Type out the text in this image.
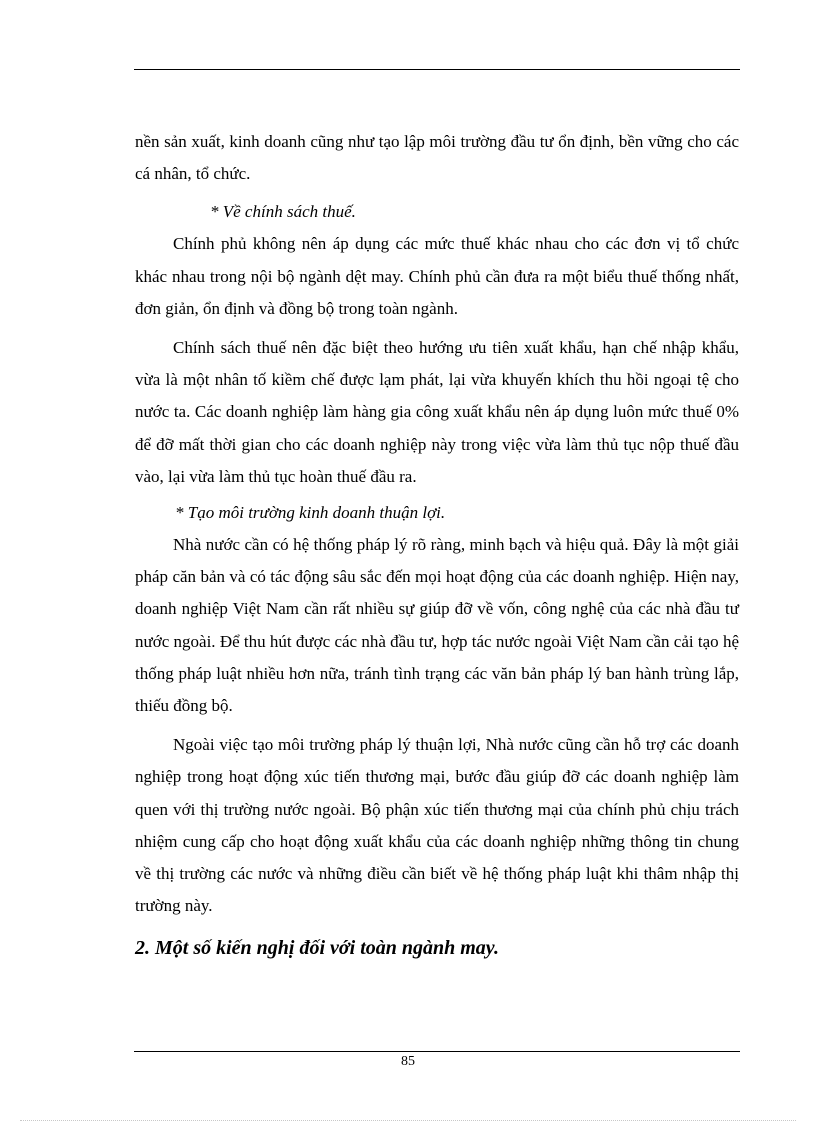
nền sản xuất, kinh doanh cũng như tạo lập môi trường đầu tư ổn định, bền vững cho các cá nhân, tổ chức.

* Về chính sách thuế.

Chính phủ không nên áp dụng các mức thuế khác nhau cho các đơn vị tổ chức khác nhau trong nội bộ ngành dệt may. Chính phủ cần đưa ra một biểu thuế thống nhất, đơn giản, ổn định và đồng bộ trong toàn ngành.

Chính sách thuế nên đặc biệt theo hướng ưu tiên xuất khẩu, hạn chế nhập khẩu, vừa là một nhân tố kiềm chế được lạm phát, lại vừa khuyến khích thu hồi ngoại tệ cho nước ta. Các doanh nghiệp làm hàng gia công xuất khẩu nên áp dụng luôn mức thuế 0% để đỡ mất thời gian cho các doanh nghiệp này trong việc vừa làm thủ tục nộp thuế đầu vào, lại vừa làm thủ tục hoàn thuế đầu ra.

* Tạo môi trường kinh doanh thuận lợi.

Nhà nước cần có hệ thống pháp lý rõ ràng, minh bạch và hiệu quả. Đây là một giải pháp căn bản và có tác động sâu sắc đến mọi hoạt động của các doanh nghiệp. Hiện nay, doanh nghiệp Việt Nam cần rất nhiều sự giúp đỡ về vốn, công nghệ của các nhà đầu tư nước ngoài. Để thu hút được các nhà đầu tư, hợp tác nước ngoài Việt Nam cần cải tạo hệ thống pháp luật nhiều hơn nữa, tránh tình trạng các văn bản pháp lý ban hành trùng lắp, thiếu đồng bộ.

Ngoài việc tạo môi trường pháp lý thuận lợi, Nhà nước cũng cần hỗ trợ các doanh nghiệp trong hoạt động xúc tiến thương mại, bước đầu giúp đỡ các doanh nghiệp làm quen với thị trường nước ngoài. Bộ phận xúc tiến thương mại của chính phủ chịu trách nhiệm cung cấp cho hoạt động xuất khẩu của các doanh nghiệp những thông tin chung về thị trường các nước và những điều cần biết về hệ thống pháp luật khi thâm nhập thị trường này.

2. Một số kiến nghị đối với toàn ngành may.
85
